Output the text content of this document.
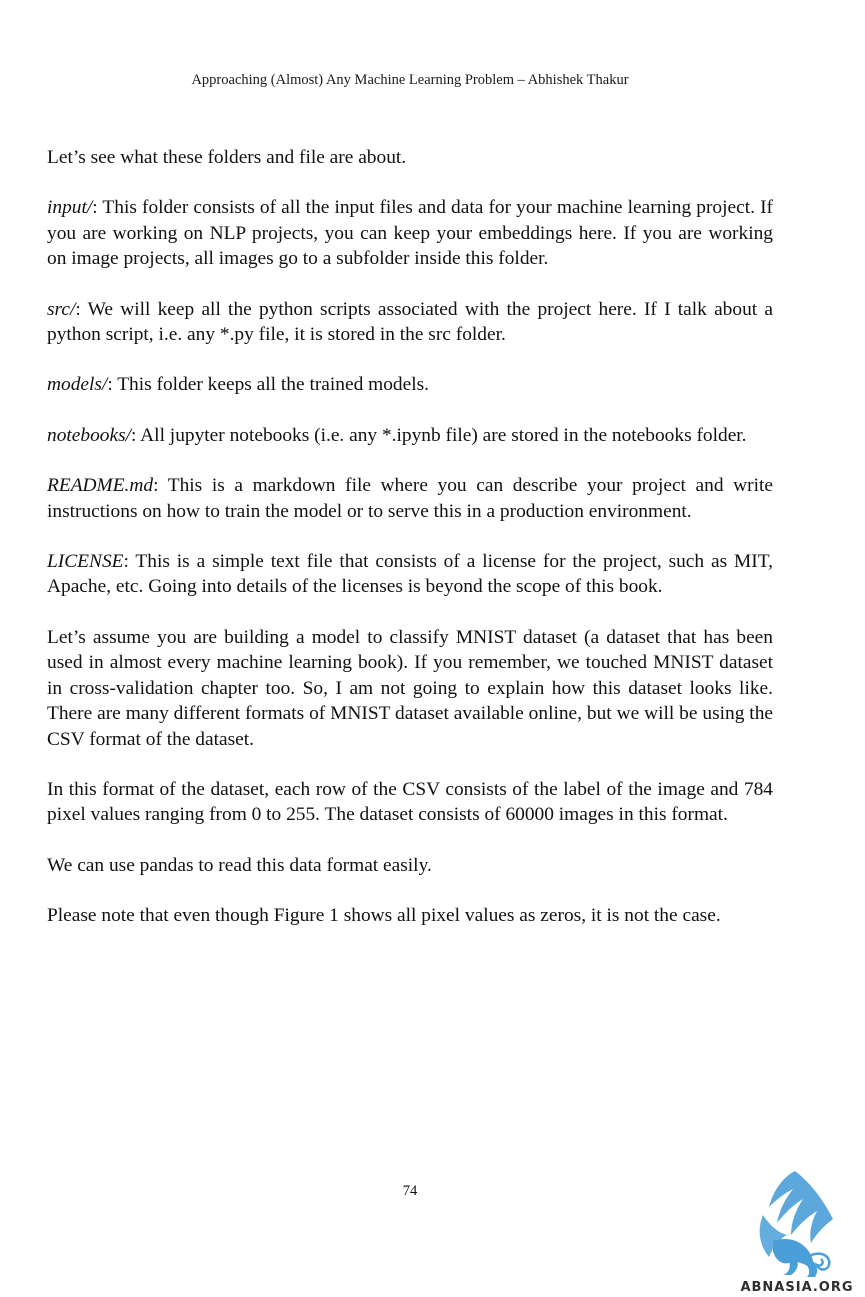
Approaching (Almost) Any Machine Learning Problem – Abhishek Thakur

Let’s see what these folders and file are about.

input/: This folder consists of all the input files and data for your machine learning project. If you are working on NLP projects, you can keep your embeddings here. If you are working on image projects, all images go to a subfolder inside this folder.

src/: We will keep all the python scripts associated with the project here. If I talk about a python script, i.e. any *.py file, it is stored in the src folder.

models/: This folder keeps all the trained models.

notebooks/: All jupyter notebooks (i.e. any *.ipynb file) are stored in the notebooks folder.

README.md: This is a markdown file where you can describe your project and write instructions on how to train the model or to serve this in a production environment.

LICENSE: This is a simple text file that consists of a license for the project, such as MIT, Apache, etc. Going into details of the licenses is beyond the scope of this book.

Let’s assume you are building a model to classify MNIST dataset (a dataset that has been used in almost every machine learning book). If you remember, we touched MNIST dataset in cross-validation chapter too. So, I am not going to explain how this dataset looks like. There are many different formats of MNIST dataset available online, but we will be using the CSV format of the dataset.

In this format of the dataset, each row of the CSV consists of the label of the image and 784 pixel values ranging from 0 to 255. The dataset consists of 60000 images in this format.

We can use pandas to read this data format easily.

Please note that even though Figure 1 shows all pixel values as zeros, it is not the case.

74
ABNASIA.ORG
